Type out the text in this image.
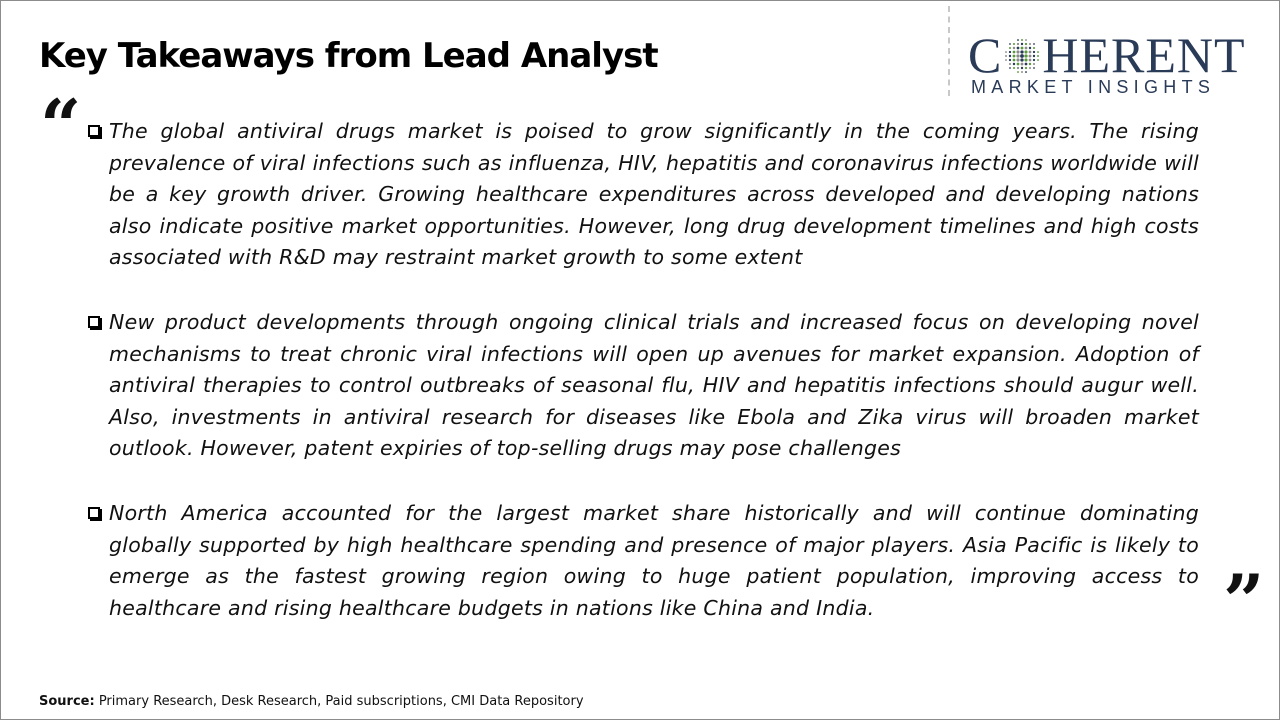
Key Takeaways from Lead Analyst	C HERENT
MARKET INSIGHTS
“ The global antiviral drugs market is poised to grow significantly in the coming years. The rising prevalence of viral infections such as influenza, HIV, hepatitis and coronavirus infections worldwide will be a key growth driver. Growing healthcare expenditures across developed and developing nations also indicate positive market opportunities. However, long drug development timelines and high costs associated with R&D may restraint market growth to some extent
New product developments through ongoing clinical trials and increased focus on developing novel mechanisms to treat chronic viral infections will open up avenues for market expansion. Adoption of antiviral therapies to control outbreaks of seasonal flu, HIV and hepatitis infections should augur well. Also, investments in antiviral research for diseases like Ebola and Zika virus will broaden market outlook. However, patent expiries of top-selling drugs may pose challenges
North America accounted for the largest market share historically and will continue dominating globally supported by high healthcare spending and presence of major players. Asia Pacific is likely to emerge as the fastest growing region owing to huge patient population, improving access to healthcare and rising healthcare budgets in nations like China and India.	”
Source: Primary Research, Desk Research, Paid subscriptions, CMI Data Repository
